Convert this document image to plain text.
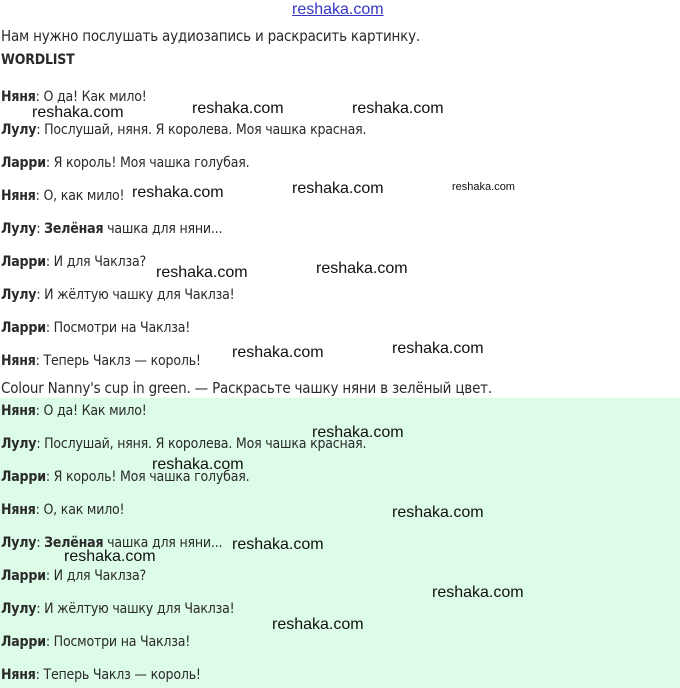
reshaka.com
Нам нужно послушать аудиозапись и раскрасить картинку.
WORDLIST
Няня: О да! Как мило!
Лулу: Послушай, няня. Я королева. Моя чашка красная.
Ларри: Я король! Моя чашка голубая.
Няня: О, как мило!
Лулу: Зелёная чашка для няни...
Ларри: И для Чаклза?
Лулу: И жёлтую чашку для Чаклза!
Ларри: Посмотри на Чаклза!
Няня: Теперь Чаклз — король!
Colour Nanny's cup in green. — Раскрасьте чашку няни в зелёный цвет.
Няня: О да! Как мило!
Лулу: Послушай, няня. Я королева. Моя чашка красная.
Ларри: Я король! Моя чашка голубая.
Няня: О, как мило!
Лулу: Зелёная чашка для няни...
Ларри: И для Чаклза?
Лулу: И жёлтую чашку для Чаклза!
Ларри: Посмотри на Чаклза!
Няня: Теперь Чаклз — король!
reshaka.com	reshaka.com	reshaka.com
reshaka.com	reshaka.com	reshaka.com
reshaka.com	reshaka.com
reshaka.com	reshaka.com
reshaka.com
reshaka.com
reshaka.com
reshaka.com
reshaka.com
reshaka.com
reshaka.com
